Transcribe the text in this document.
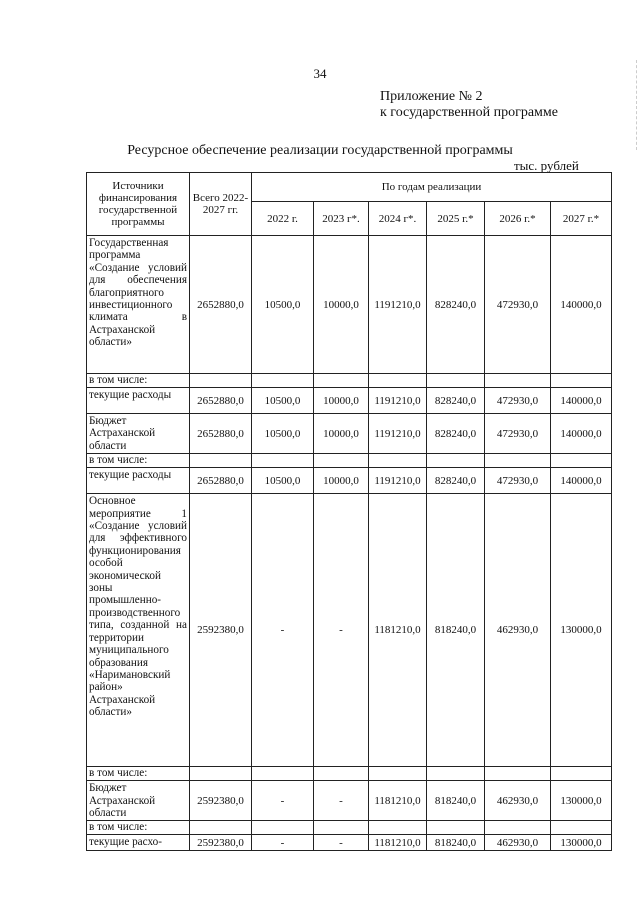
34
Приложение № 2
к государственной программе
Ресурсное обеспечение реализации государственной программы
тыс. рублей
Источники финансирования государственной программы	Всего 2022-2027 гг.	По годам реализации					
		2022 г.	2023 г*.	2024 г*.	2025 г.*	2026 г.*	2027 г.*
Государственная программа «Создание условий для обеспечения благоприятного инвестиционного климата в Астраханской области»	2652880,0	10500,0	10000,0	1191210,0	828240,0	472930,0	140000,0
в том числе:							
текущие расходы	2652880,0	10500,0	10000,0	1191210,0	828240,0	472930,0	140000,0
Бюджет Астраханской области	2652880,0	10500,0	10000,0	1191210,0	828240,0	472930,0	140000,0
в том числе:							
текущие расходы	2652880,0	10500,0	10000,0	1191210,0	828240,0	472930,0	140000,0
Основное мероприятие 1 «Создание условий для эффективного функционирования особой экономической зоны промышленно-производственного типа, созданной на территории муниципального образования «Наримановский район» Астраханской области»	2592380,0	-	-	1181210,0	818240,0	462930,0	130000,0
в том числе:							
Бюджет Астраханской области	2592380,0	-	-	1181210,0	818240,0	462930,0	130000,0
в том числе:							
текущие расхо-	2592380,0	-	-	1181210,0	818240,0	462930,0	130000,0
